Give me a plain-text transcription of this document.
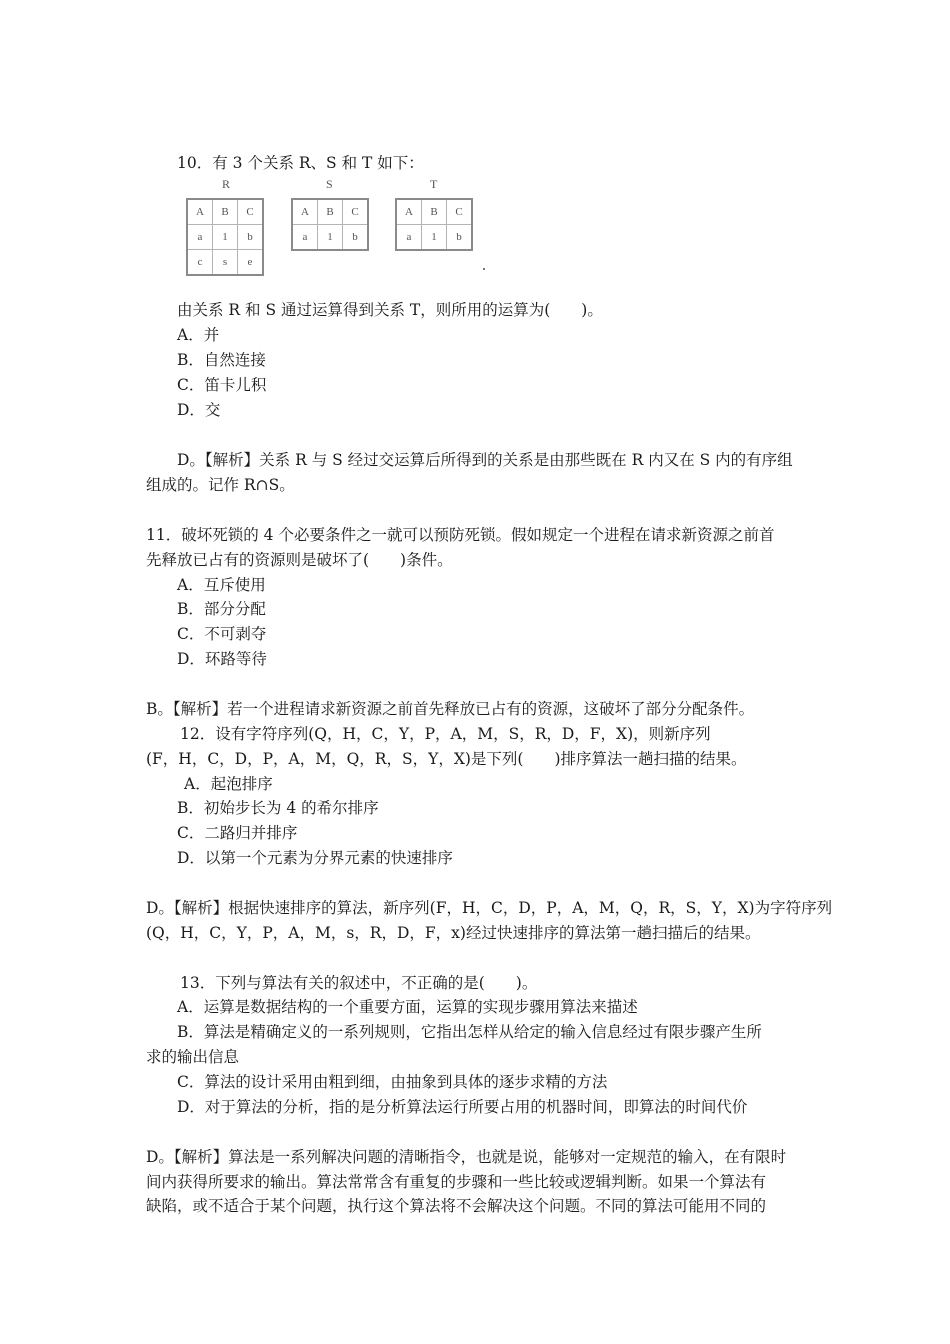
10．有 3 个关系 R、S 和 T 如下：
R	S	T
A	B	C
a	1	b
c	s	e
A	B	C
a	1	b
A	B	C
a	1	b
由关系 R 和 S 通过运算得到关系 T，则所用的运算为(　　)。
A．并
B．自然连接
C．笛卡儿积
D．交
D。【解析】关系 R 与 S 经过交运算后所得到的关系是由那些既在 R 内又在 S 内的有序组
组成的。记作 R∩S。
11．破坏死锁的 4 个必要条件之一就可以预防死锁。假如规定一个进程在请求新资源之前首
先释放已占有的资源则是破坏了(　　)条件。
A．互斥使用
B．部分分配
C．不可剥夺
D．环路等待
B。【解析】若一个进程请求新资源之前首先释放已占有的资源，这破坏了部分分配条件。
12．设有字符序列(Q，H，C，Y，P，A，M，S，R，D，F，X)，则新序列
(F，H，C，D，P，A，M，Q，R，S，Y，X)是下列(　　)排序算法一趟扫描的结果。
A．起泡排序
B．初始步长为 4 的希尔排序
C．二路归并排序
D．以第一个元素为分界元素的快速排序
D。【解析】根据快速排序的算法，新序列(F，H，C，D，P，A，M，Q，R，S，Y，X)为字符序列
(Q，H，C，Y，P，A，M，s，R，D，F，x)经过快速排序的算法第一趟扫描后的结果。
13．下列与算法有关的叙述中，不正确的是(　　)。
A．运算是数据结构的一个重要方面，运算的实现步骤用算法来描述
B．算法是精确定义的一系列规则，它指出怎样从给定的输入信息经过有限步骤产生所
求的输出信息
C．算法的设计采用由粗到细，由抽象到具体的逐步求精的方法
D．对于算法的分析，指的是分析算法运行所要占用的机器时间，即算法的时间代价
D。【解析】算法是一系列解决问题的清晰指令，也就是说，能够对一定规范的输入，在有限时
间内获得所要求的输出。算法常常含有重复的步骤和一些比较或逻辑判断。如果一个算法有
缺陷，或不适合于某个问题，执行这个算法将不会解决这个问题。不同的算法可能用不同的
